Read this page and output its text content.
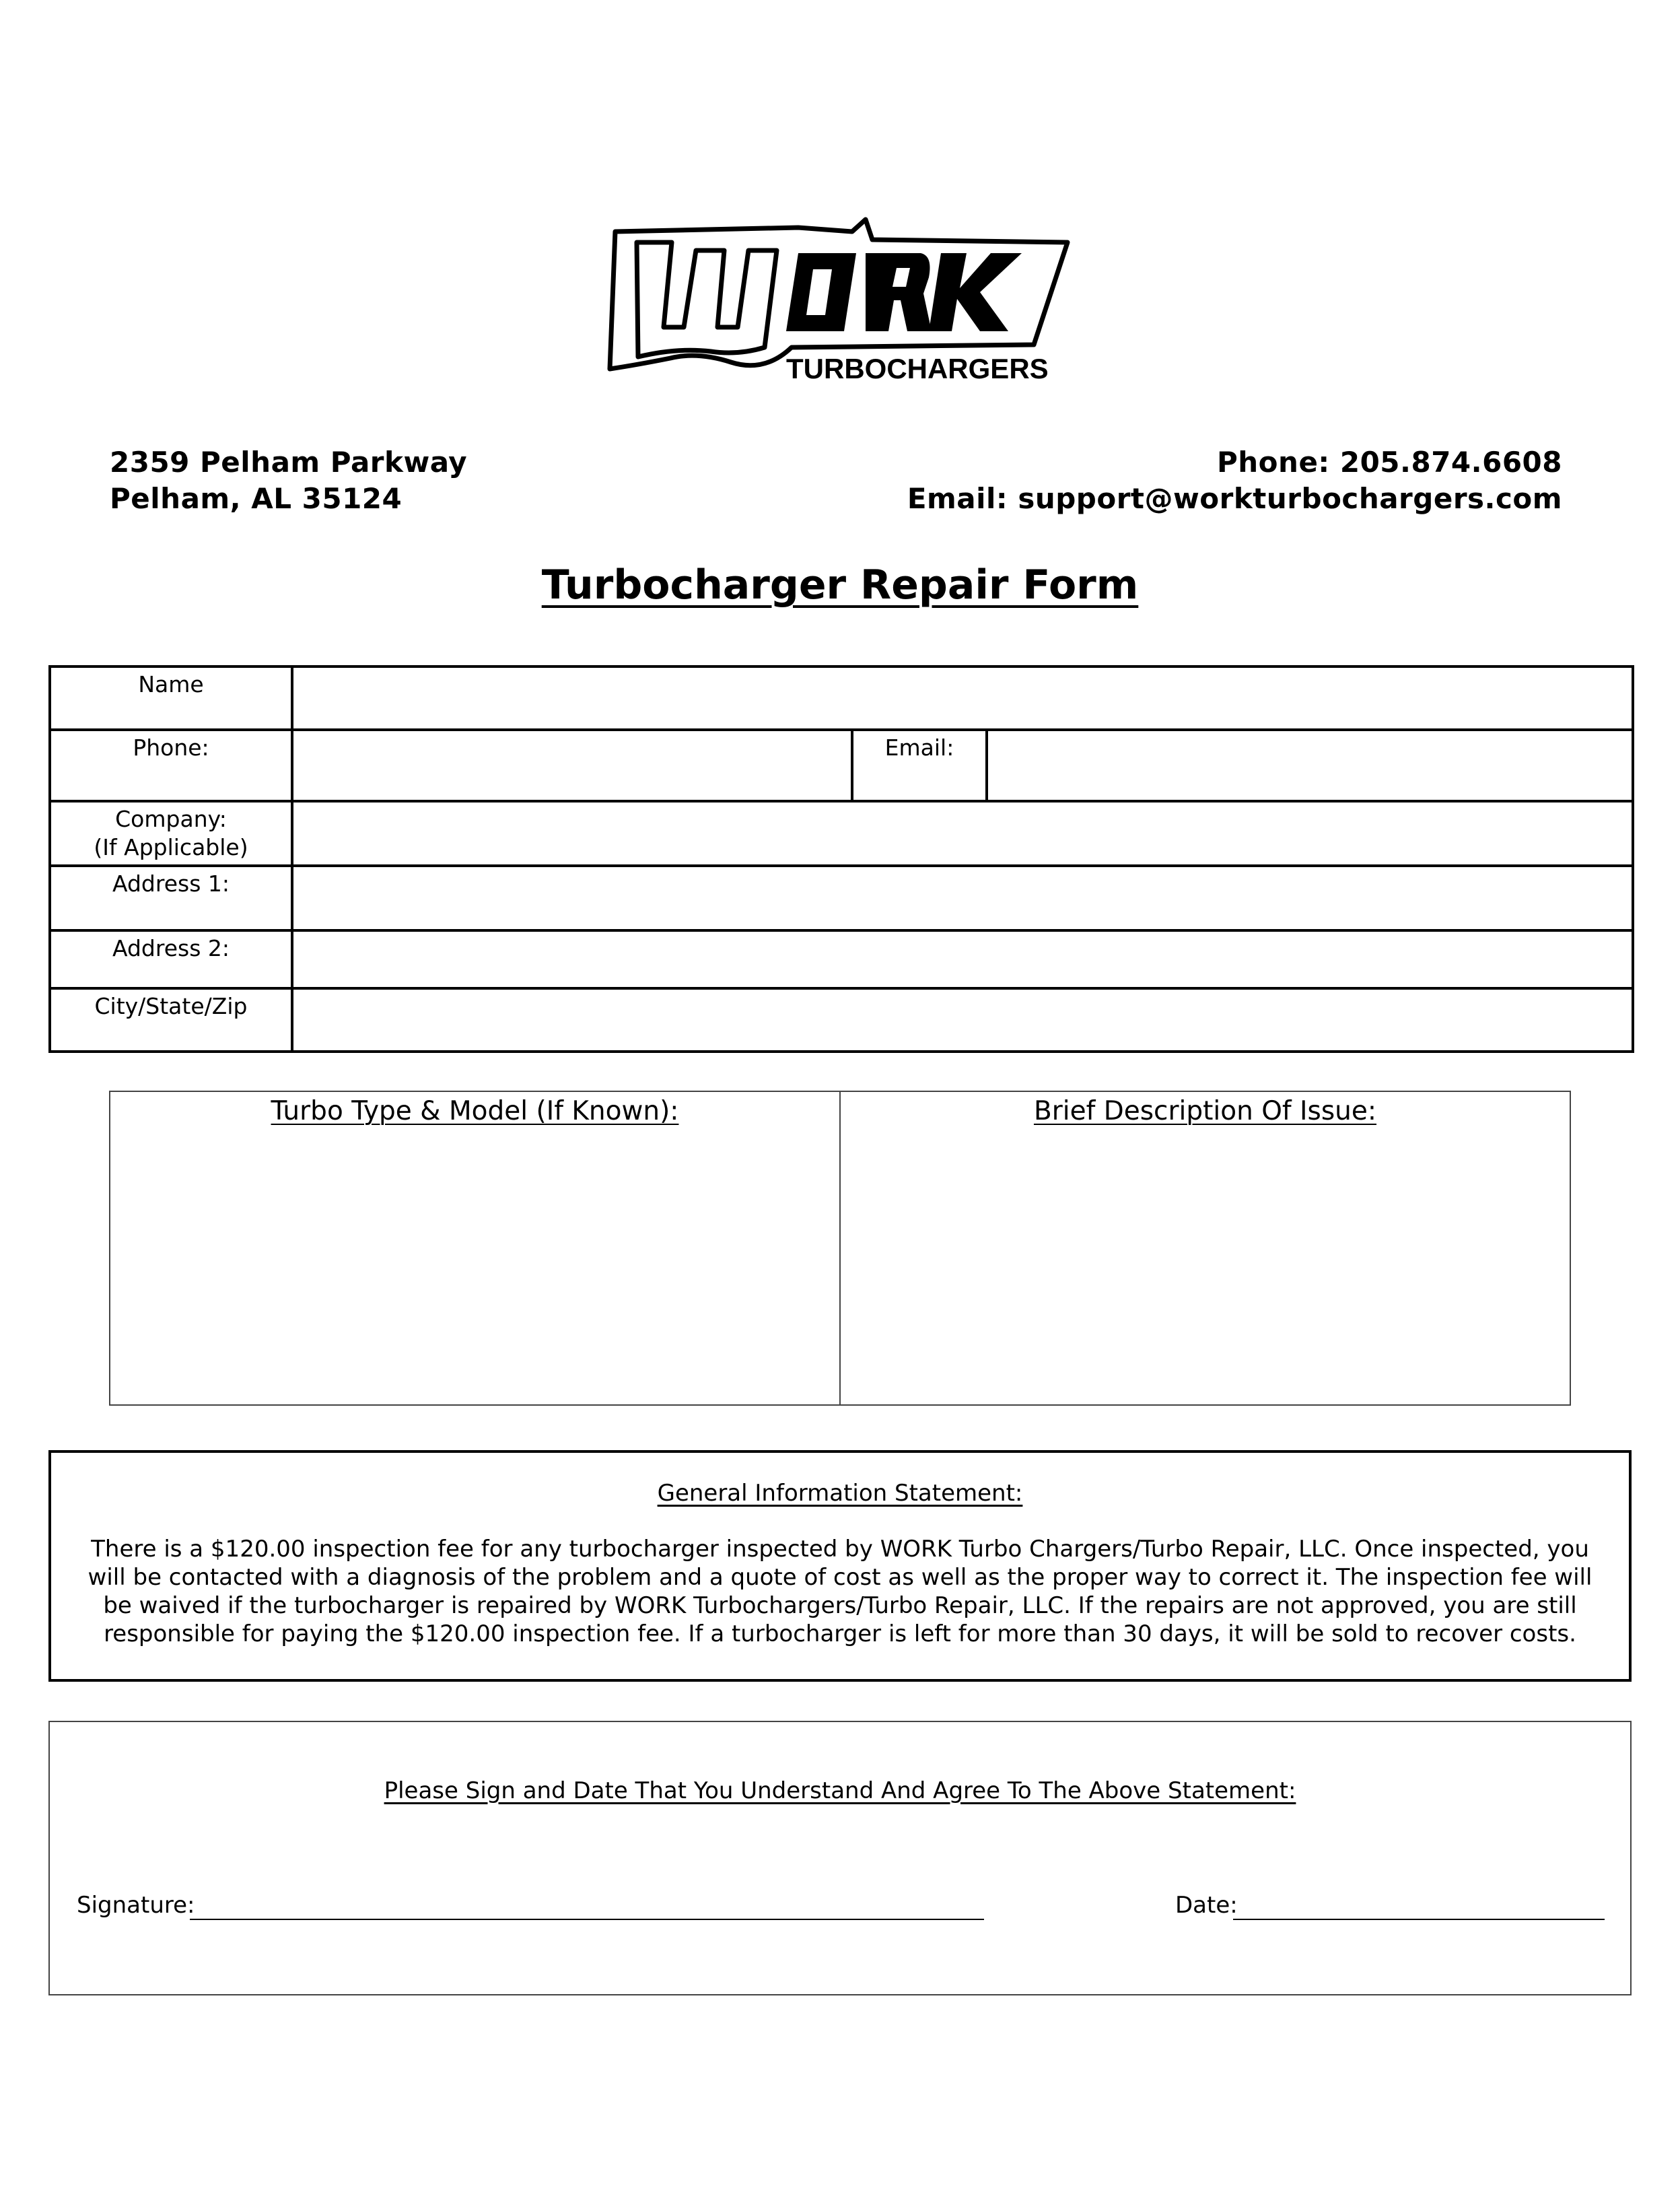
TURBOCHARGERS
2359 Pelham Parkway
Pelham, AL 35124
Phone: 205.874.6608
Email: support@workturbochargers.com
Turbocharger Repair Form
Name			
Phone:		Email:	

Company:
(If Applicable)			

Address 1:			
Address 2:			
City/State/Zip			
Turbo Type & Model (If Known):	Brief Description Of Issue:
General Information Statement:
There is a $120.00 inspection fee for any turbocharger inspected by WORK Turbo Chargers/Turbo Repair, LLC. Once inspected, you will be contacted with a diagnosis of the problem and a quote of cost as well as the proper way to correct it. The inspection fee will be waived if the turbocharger is repaired by WORK Turbochargers/Turbo Repair, LLC. If the repairs are not approved, you are still responsible for paying the $120.00 inspection fee. If a turbocharger is left for more than 30 days, it will be sold to recover costs.
Please Sign and Date That You Understand And Agree To The Above Statement:
Signature:	Date:
